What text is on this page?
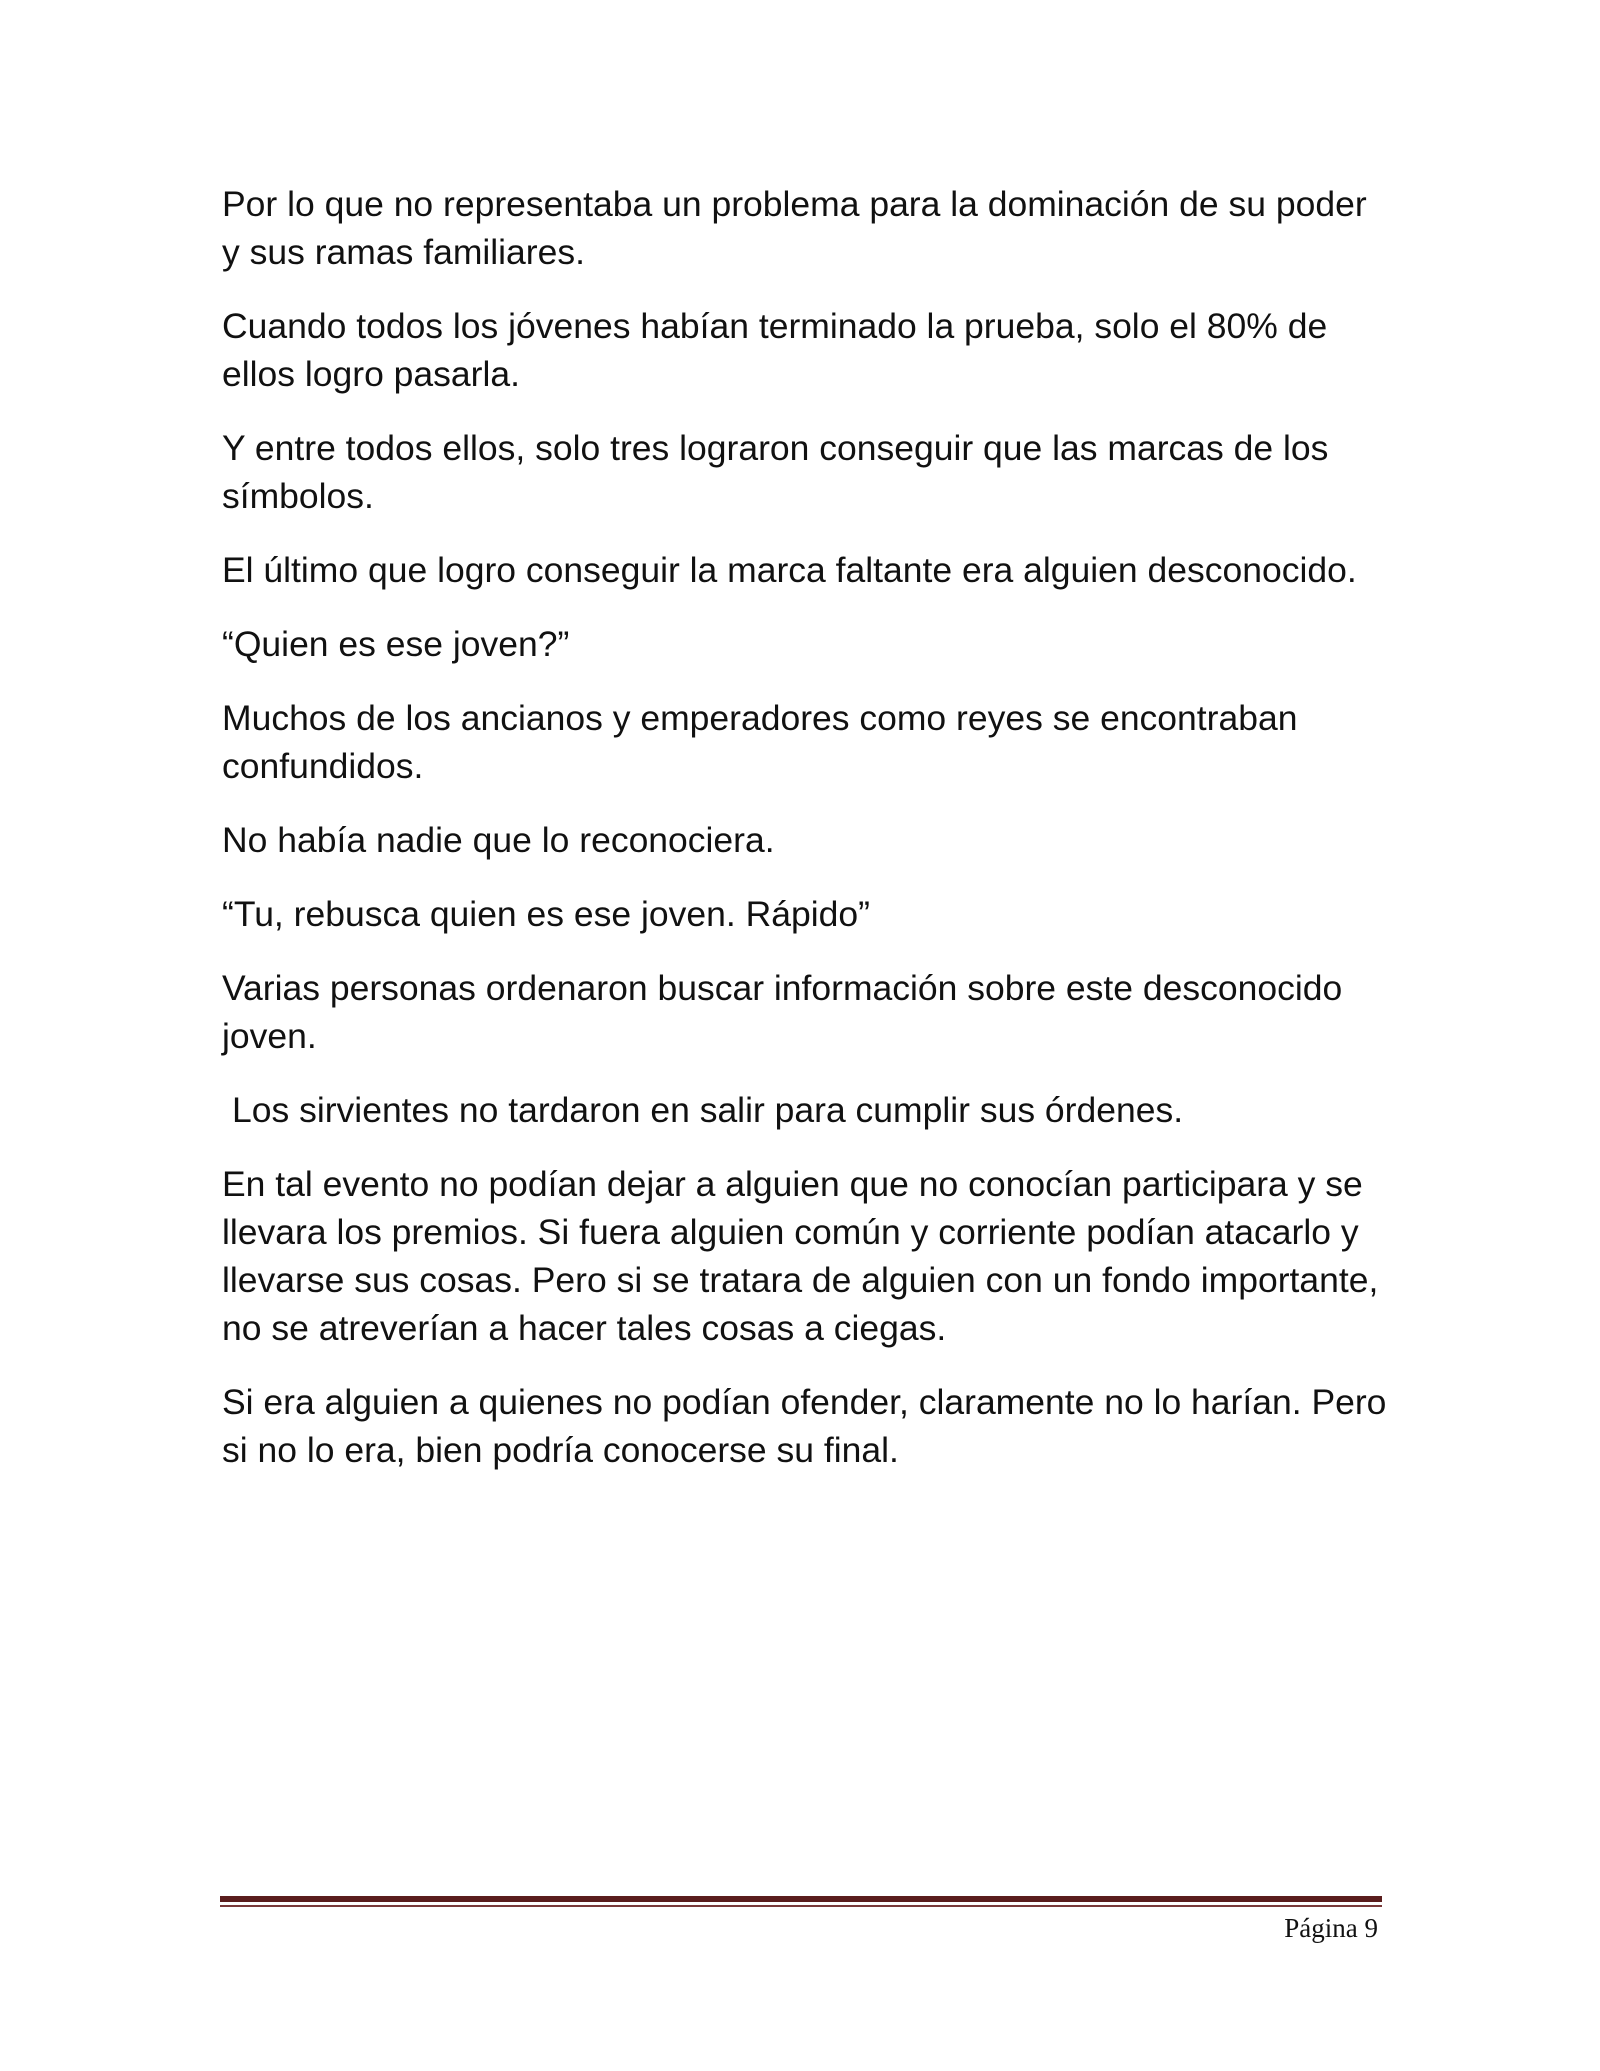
Por lo que no representaba un problema para la dominación de su poder y sus ramas familiares.

Cuando todos los jóvenes habían terminado la prueba, solo el 80% de ellos logro pasarla.

Y entre todos ellos, solo tres lograron conseguir que las marcas de los símbolos.

El último que logro conseguir la marca faltante era alguien desconocido.

“Quien es ese joven?”

Muchos de los ancianos y emperadores como reyes se encontraban confundidos.

No había nadie que lo reconociera.

“Tu, rebusca quien es ese joven. Rápido”

Varias personas ordenaron buscar información sobre este desconocido joven.

Los sirvientes no tardaron en salir para cumplir sus órdenes.

En tal evento no podían dejar a alguien que no conocían participara y se llevara los premios. Si fuera alguien común y corriente podían atacarlo y llevarse sus cosas. Pero si se tratara de alguien con un fondo importante, no se atreverían a hacer tales cosas a ciegas.

Si era alguien a quienes no podían ofender, claramente no lo harían. Pero si no lo era, bien podría conocerse su final.

Página 9
